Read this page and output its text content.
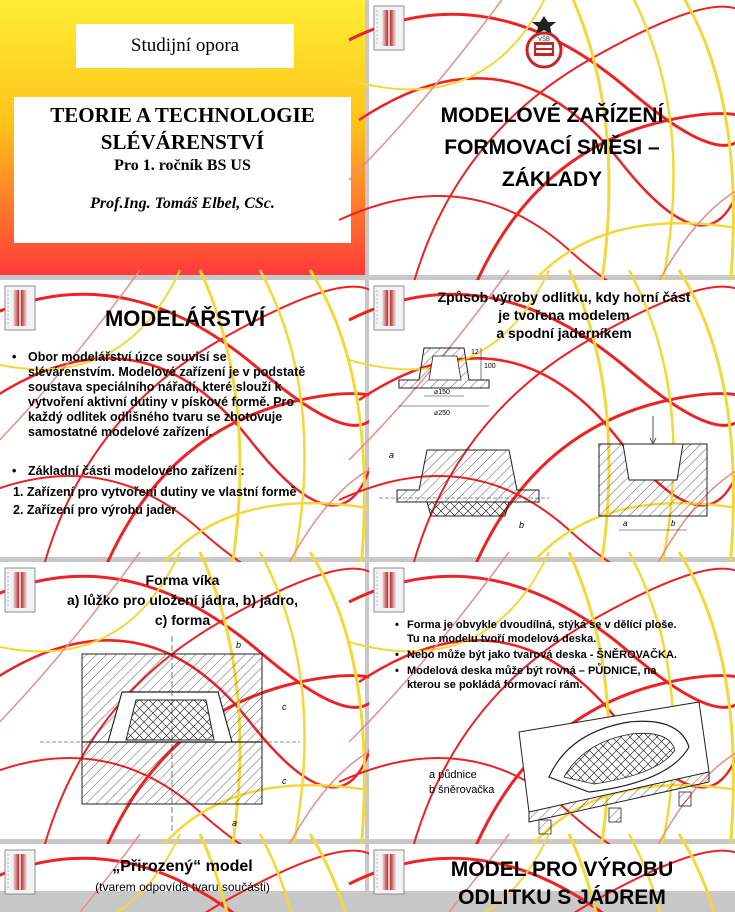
Studijní opora
TEORIE A TECHNOLOGIE
SLÉVÁRENSTVÍ
Pro 1. ročník BS US
Prof.Ing. Tomáš Elbel, CSc.
VŠB
MODELOVÉ ZAŘÍZENÍ
FORMOVACÍ SMĚSI –
ZÁKLADY
MODELÁŘSTVÍ
• Obor modelářství úzce souvisí se
slévárenstvím. Modelové zařízení je v podstatě
soustava speciálního nářadí, které slouží k
vytvoření aktivní dutiny v pískové formě. Pro
každý odlitek odlišného tvaru se zhotovuje
samostatné modelové zařízení.
• Základní části modelového zařízení :
1. Zařízení pro vytvoření dutiny ve vlastní formě
2. Zařízení pro výrobu jader
Způsob výroby odlitku, kdy horní část
je tvořena modelem
a spodní jaderníkem
⌀150
⌀250
100
12
a
b	a	b
Forma víka
a) lůžko pro uložení jádra, b) jádro,
c) forma
b
c
c
a
• Forma je obvykle dvoudílná, stýká se v dělící ploše.
Tu na modelu tvoří modelová deska.
• Nebo může být jako tvarová deska - ŠNĚROVAČKA.
• Modelová deska může být rovná – PŮDNICE, na
kterou se pokládá formovací rám.
a půdnice
b šněrovačka
„Přirozený“ model
(tvarem odpovídá tvaru součásti)
MODEL PRO VÝROBU
ODLITKU S JÁDREM
